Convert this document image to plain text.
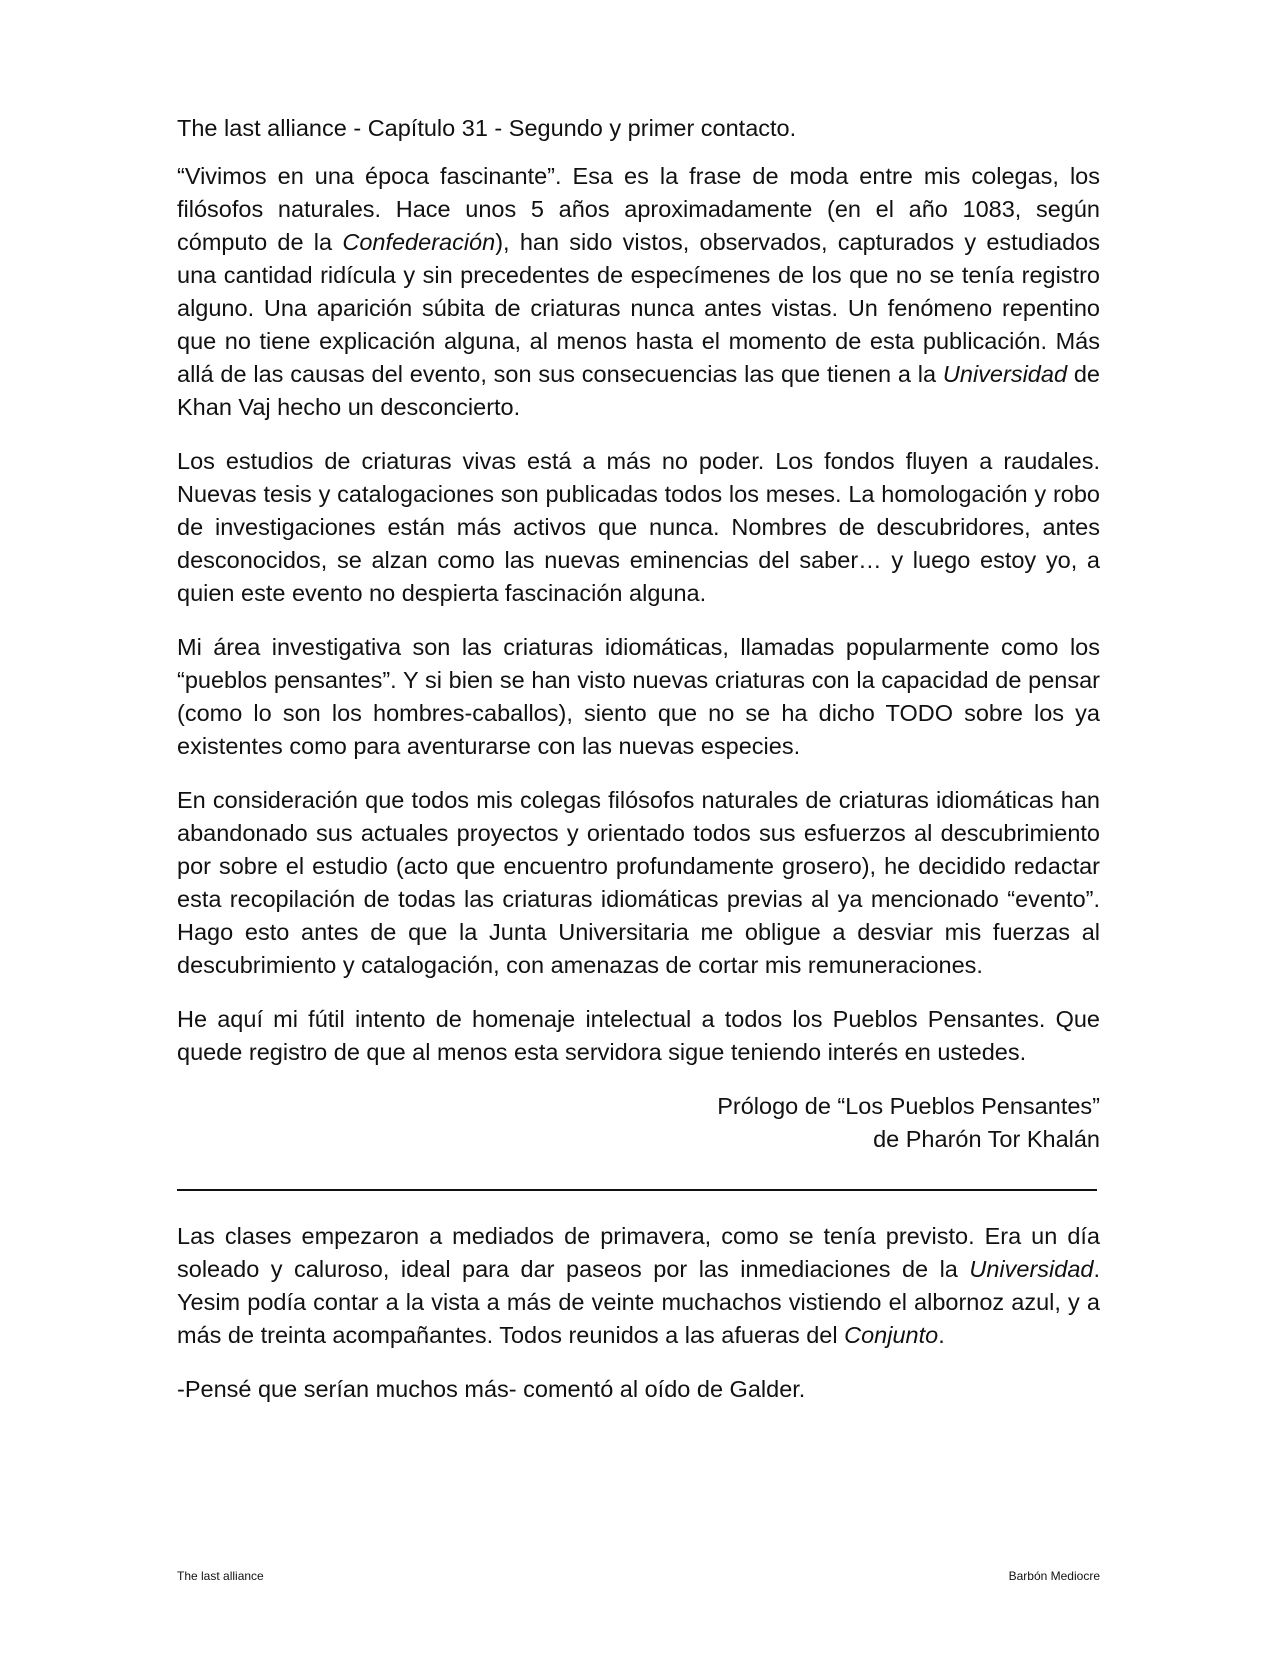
The last alliance - Capítulo 31 - Segundo y primer contacto.

“Vivimos en una época fascinante”. Esa es la frase de moda entre mis colegas, los filósofos naturales. Hace unos 5 años aproximadamente (en el año 1083, según cómputo de la Confederación), han sido vistos, observados, capturados y estudiados una cantidad ridícula y sin precedentes de especímenes de los que no se tenía registro alguno. Una aparición súbita de criaturas nunca antes vistas. Un fenómeno repentino que no tiene explicación alguna, al menos hasta el momento de esta publicación. Más allá de las causas del evento, son sus consecuencias las que tienen a la Universidad de Khan Vaj hecho un desconcierto.

Los estudios de criaturas vivas está a más no poder. Los fondos fluyen a raudales. Nuevas tesis y catalogaciones son publicadas todos los meses. La homologación y robo de investigaciones están más activos que nunca. Nombres de descubridores, antes desconocidos, se alzan como las nuevas eminencias del saber… y luego estoy yo, a quien este evento no despierta fascinación alguna.

Mi área investigativa son las criaturas idiomáticas, llamadas popularmente como los “pueblos pensantes”. Y si bien se han visto nuevas criaturas con la capacidad de pensar (como lo son los hombres-caballos), siento que no se ha dicho TODO sobre los ya existentes como para aventurarse con las nuevas especies.

En consideración que todos mis colegas filósofos naturales de criaturas idiomáticas han abandonado sus actuales proyectos y orientado todos sus esfuerzos al descubrimiento por sobre el estudio (acto que encuentro profundamente grosero), he decidido redactar esta recopilación de todas las criaturas idiomáticas previas al ya mencionado “evento”. Hago esto antes de que la Junta Universitaria me obligue a desviar mis fuerzas al descubrimiento y catalogación, con amenazas de cortar mis remuneraciones.

He aquí mi fútil intento de homenaje intelectual a todos los Pueblos Pensantes. Que quede registro de que al menos esta servidora sigue teniendo interés en ustedes.

Prólogo de “Los Pueblos Pensantes”
de Pharón Tor Khalán

Las clases empezaron a mediados de primavera, como se tenía previsto. Era un día soleado y caluroso, ideal para dar paseos por las inmediaciones de la Universidad. Yesim podía contar a la vista a más de veinte muchachos vistiendo el albornoz azul, y a más de treinta acompañantes. Todos reunidos a las afueras del Conjunto.

-Pensé que serían muchos más- comentó al oído de Galder.

The last alliance	Barbón Mediocre
